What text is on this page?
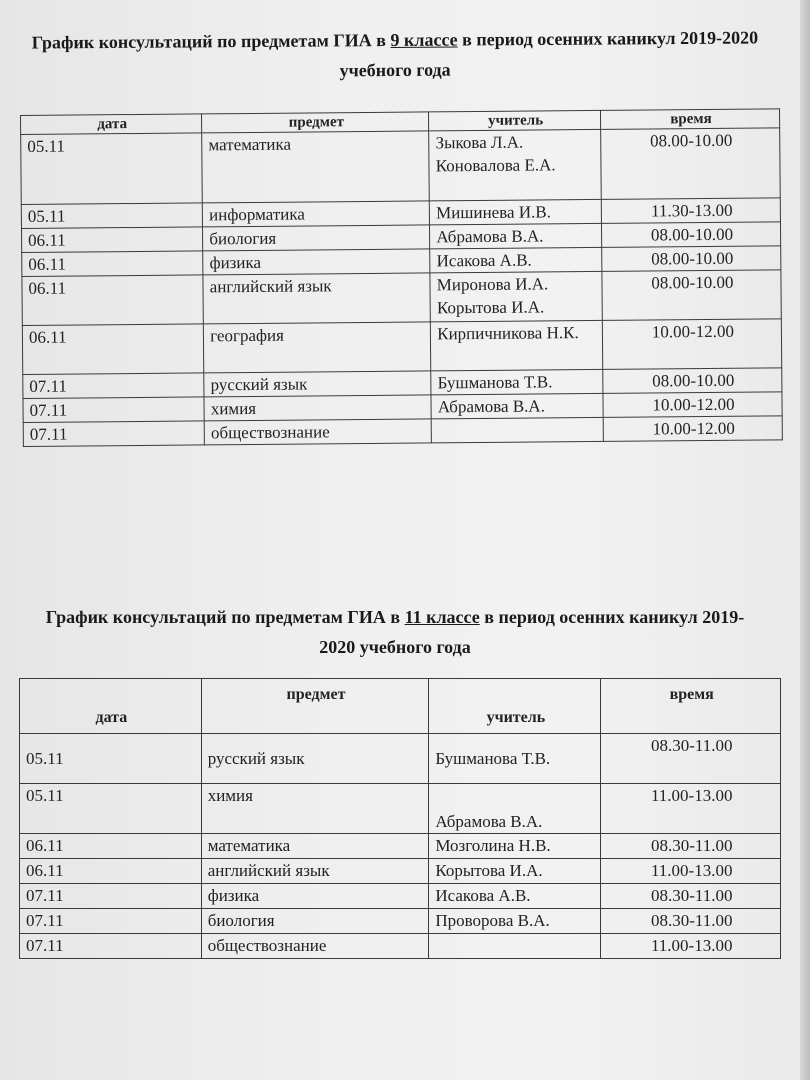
График консультаций по предметам ГИА в 9 классе в период осенних каникул 2019-2020 учебного года
дата	предмет	учитель	время
05.11	математика	Зыкова Л.А. Коновалова Е.А.	08.00-10.00
05.11	информатика	Мишинева И.В.	11.30-13.00
06.11	биология	Абрамова В.А.	08.00-10.00
06.11	физика	Исакова А.В.	08.00-10.00
06.11	английский язык	Миронова И.А. Корытова И.А.	08.00-10.00
06.11	география	Кирпичникова Н.К.	10.00-12.00
07.11	русский язык	Бушманова Т.В.	08.00-10.00
07.11	химия	Абрамова В.А.	10.00-12.00
07.11	обществознание		10.00-12.00
График консультаций по предметам ГИА в 11 классе в период осенних каникул 2019-2020 учебного года
дата	предмет	учитель	время
05.11	русский язык	Бушманова Т.В.	08.30-11.00
05.11	химия	Абрамова В.А.	11.00-13.00
06.11	математика	Мозголина Н.В.	08.30-11.00
06.11	английский язык	Корытова И.А.	11.00-13.00
07.11	физика	Исакова А.В.	08.30-11.00
07.11	биология	Проворова В.А.	08.30-11.00
07.11	обществознание		11.00-13.00
